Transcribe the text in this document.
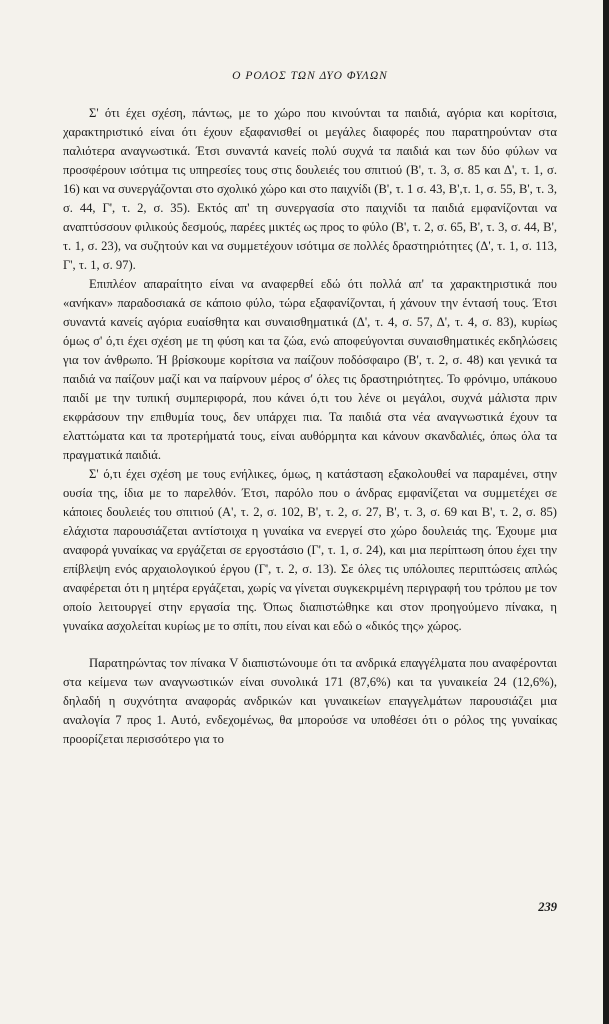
Ο ΡΟΛΟΣ ΤΩΝ ΔΥΟ ΦΥΛΩΝ

Σ' ότι έχει σχέση, πάντως, με το χώρο που κινούνται τα παιδιά, αγόρια και κορίτσια, χαρακτηριστικό είναι ότι έχουν εξαφανισθεί οι μεγάλες διαφορές που παρατηρούνταν στα παλιότερα αναγνωστικά. Έτσι συναντά κανείς πολύ συχνά τα παιδιά και των δύο φύλων να προσφέρουν ισότιμα τις υπηρεσίες τους στις δουλειές του σπιτιού (Β', τ. 3, σ. 85 και Δ', τ. 1, σ. 16) και να συνεργάζονται στο σχολικό χώρο και στο παιχνίδι (Β', τ. 1 σ. 43, Β',τ. 1, σ. 55, Β', τ. 3, σ. 44, Γ', τ. 2, σ. 35). Εκτός απ' τη συνεργασία στο παιχνίδι τα παιδιά εμφανίζονται να αναπτύσσουν φιλικούς δεσμούς, παρέες μικτές ως προς το φύλο (Β', τ. 2, σ. 65, Β', τ. 3, σ. 44, Β', τ. 1, σ. 23), να συζητούν και να συμμετέχουν ισότιμα σε πολλές δραστηριότητες (Δ', τ. 1, σ. 113, Γ', τ. 1, σ. 97).

Επιπλέον απαραίτητο είναι να αναφερθεί εδώ ότι πολλά απ' τα χαρακτηριστικά που «ανήκαν» παραδοσιακά σε κάποιο φύλο, τώρα εξαφανίζονται, ή χάνουν την έντασή τους. Έτσι συναντά κανείς αγόρια ευαίσθητα και συναισθηματικά (Δ', τ. 4, σ. 57, Δ', τ. 4, σ. 83), κυρίως όμως σ' ό,τι έχει σχέση με τη φύση και τα ζώα, ενώ αποφεύγονται συναισθηματικές εκδηλώσεις για τον άνθρωπο. Ή βρίσκουμε κορίτσια να παίζουν ποδόσφαιρο (Β', τ. 2, σ. 48) και γενικά τα παιδιά να παίζουν μαζί και να παίρνουν μέρος σ' όλες τις δραστηριότητες. Το φρόνιμο, υπάκουο παιδί με την τυπική συμπεριφορά, που κάνει ό,τι του λένε οι μεγάλοι, συχνά μάλιστα πριν εκφράσουν την επιθυμία τους, δεν υπάρχει πια. Τα παιδιά στα νέα αναγνωστικά έχουν τα ελαττώματα και τα προτερήματά τους, είναι αυθόρμητα και κάνουν σκανδαλιές, όπως όλα τα πραγματικά παιδιά.

Σ' ό,τι έχει σχέση με τους ενήλικες, όμως, η κατάσταση εξακολουθεί να παραμένει, στην ουσία της, ίδια με το παρελθόν. Έτσι, παρόλο που ο άνδρας εμφανίζεται να συμμετέχει σε κάποιες δουλειές του σπιτιού (Α', τ. 2, σ. 102, Β', τ. 2, σ. 27, Β', τ. 3, σ. 69 και Β', τ. 2, σ. 85) ελάχιστα παρουσιάζεται αντίστοιχα η γυναίκα να ενεργεί στο χώρο δουλειάς της. Έχουμε μια αναφορά γυναίκας να εργάζεται σε εργοστάσιο (Γ', τ. 1, σ. 24), και μια περίπτωση όπου έχει την επίβλεψη ενός αρχαιολογικού έργου (Γ', τ. 2, σ. 13). Σε όλες τις υπόλοιπες περιπτώσεις απλώς αναφέρεται ότι η μητέρα εργάζεται, χωρίς να γίνεται συγκεκριμένη περιγραφή του τρόπου με τον οποίο λειτουργεί στην εργασία της. Όπως διαπιστώθηκε και στον προηγούμενο πίνακα, η γυναίκα ασχολείται κυρίως με το σπίτι, που είναι και εδώ ο «δικός της» χώρος.

Παρατηρώντας τον πίνακα V διαπιστώνουμε ότι τα ανδρικά επαγγέλματα που αναφέρονται στα κείμενα των αναγνωστικών είναι συνολικά 171 (87,6%) και τα γυναικεία 24 (12,6%), δηλαδή η συχνότητα αναφοράς ανδρικών και γυναικείων επαγγελμάτων παρουσιάζει μια αναλογία 7 προς 1. Αυτό, ενδεχομένως, θα μπορούσε να υποθέσει ότι ο ρόλος της γυναίκας προορίζεται περισσότερο για το

239
